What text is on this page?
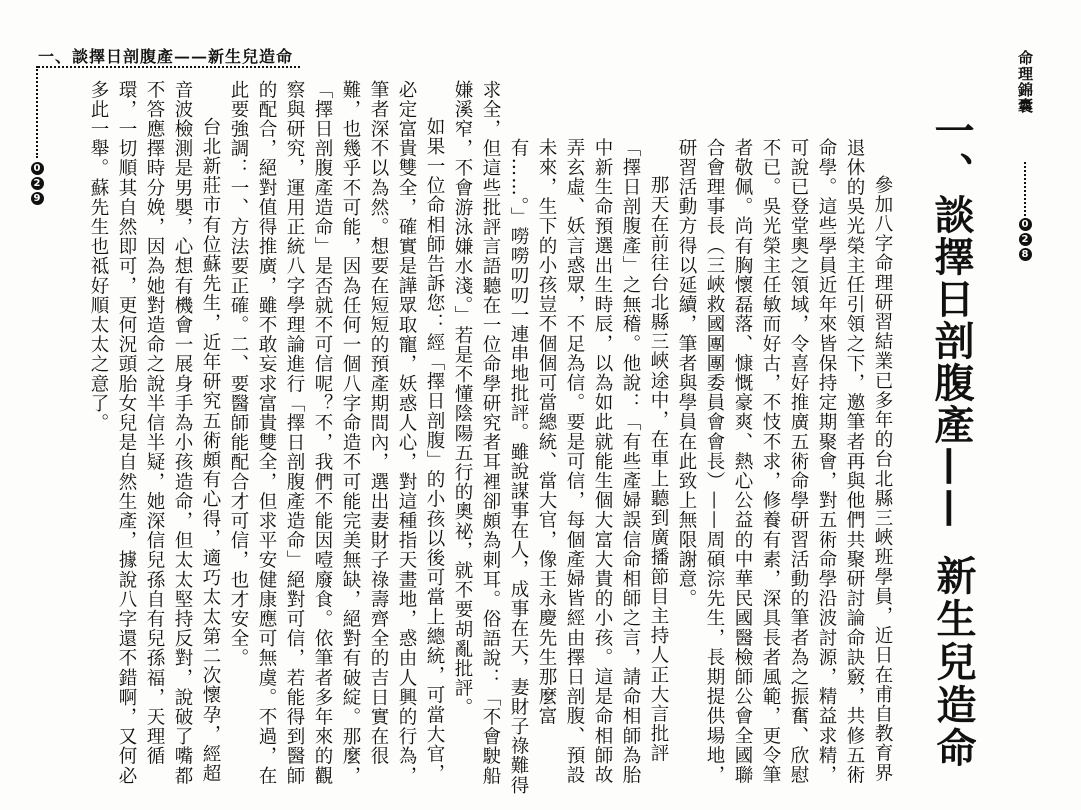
命理錦囊
0
2
8
一、談擇日剖腹產——
新生兒造命

參加八字命理研習結業已多年的台北縣三峽班學員，近日在甫自教育界退休的吳光榮主任引領之下，邀筆者再與他們共聚研討論命訣竅，共修五術命學。這些學員近年來皆保持定期聚會，對五術命學沿波討源，精益求精，可說已登堂奧之領域，令喜好推廣五術命學研習活動的筆者為之振奮、欣慰不已。吳光榮主任敏而好古，不忮不求，修養有素，深具長者風範，更令筆者敬佩。尚有胸懷磊落、慷慨豪爽、熱心公益的中華民國醫檢師公會全國聯合會理事長（三峽救國團團委員會會長）——周碩淙先生，長期提供場地，研習活動方得以延續，筆者與學員在此致上無限謝意。

那天在前往台北縣三峽途中，在車上聽到廣播節目主持人正大言批評「擇日剖腹產」之無稽。他說：「有些產婦誤信命相師之言，請命相師為胎中新生命預選出生時辰，以為如此就能生個大富大貴的小孩。這是命相師故弄玄虛、妖言惑眾，不足為信。要是可信，每個產婦皆經由擇日剖腹、預設未來，生下的小孩豈不個個可當總統、當大官，像王永慶先生那麼富有……。」嘮嘮叨叨一連串地批評。雖說謀事在人，成事在天，妻財子祿難得

一、談擇日剖腹產——新生兒造命
0
2
9	求全，但這些批評言語聽在一位命學研究者耳裡卻頗為刺耳。俗語說：「不會駛船嫌溪窄，不會游泳嫌水淺。」若是不懂陰陽五行的奧祕，就不要胡亂批評。

如果一位命相師告訴您：經「擇日剖腹」的小孩以後可當上總統，可當大官，必定富貴雙全，確實是譁眾取寵，妖惑人心，對這種指天畫地，惑由人興的行為，筆者深不以為然。想要在短短的預產期間內，選出妻財子祿壽齊全的吉日實在很難，也幾乎不可能，因為任何一個八字命造不可能完美無缺，絕對有破綻。那麼，「擇日剖腹產造命」是否就不可信呢？不，我們不能因噎廢食。依筆者多年來的觀察與研究，運用正統八字學理論進行「擇日剖腹產造命」絕對可信，若能得到醫師的配合，絕對值得推廣，雖不敢妄求富貴雙全，但求平安健康應可無虞。不過，在此要強調：一、方法要正確。二、要醫師能配合才可信，也才安全。

台北新莊市有位蘇先生，近年研究五術頗有心得，適巧太太第二次懷孕，經超音波檢測是男嬰，心想有機會一展身手為小孩造命，但太太堅持反對，說破了嘴都不答應擇時分娩，因為她對造命之說半信半疑，她深信兒孫自有兒孫福，天理循環，一切順其自然即可，更何況頭胎女兒是自然生產，據說八字還不錯啊，又何必多此一舉。蘇先生也祗好順太太之意了。
